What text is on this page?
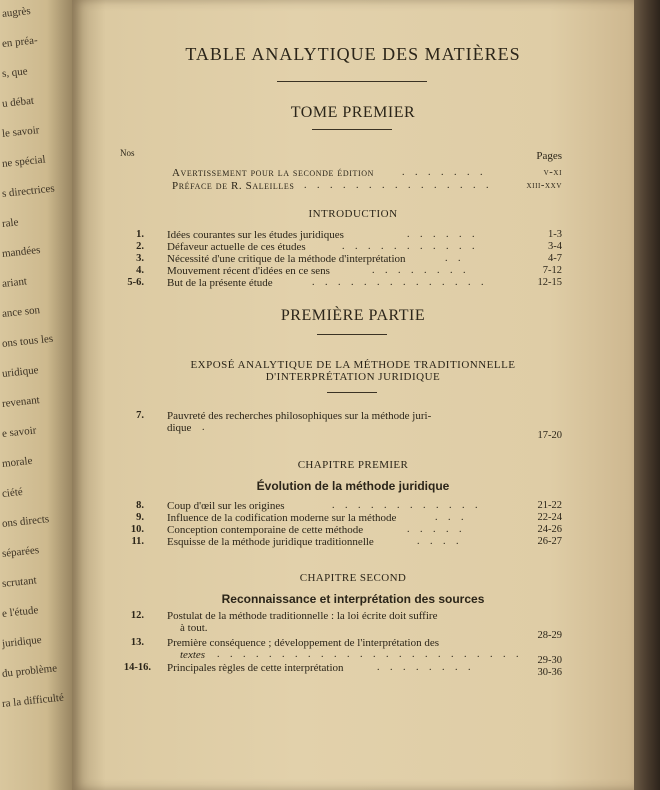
augrès
en préa-
s, que
u débat
le savoir
ne spécial
s directrices
rale
mandées
ariant
ance son
ons tous les
uridique
revenant
e savoir
morale
ciété
ons directs
séparées
scrutant
e l'étude
juridique
du problème
ra la difficulté
TABLE ANALYTIQUE DES MATIÈRES
TOME PREMIER
Nos	Pages
Avertissement pour la seconde édition	. . . . . . .	v-xi
Préface de R. Saleilles . . . . . . . . . . . . . . .	xiii-xxv
INTRODUCTION
1. Idées courantes sur les études juridiques	. . . . . .	1-3
2. Défaveur actuelle de ces études	. . . . . . . . . . .	3-4
3. Nécessité d'une critique de la méthode d'interprétation	. .	4-7
4. Mouvement récent d'idées en ce sens	. . . . . . . .	7-12
5-6. But de la présente étude	. . . . . . . . . . . . . .	12-15
PREMIÈRE PARTIE
EXPOSÉ ANALYTIQUE DE LA MÉTHODE TRADITIONNELLE
D'INTERPRÉTATION JURIDIQUE
7. Pauvreté des recherches philosophiques sur la méthode juri-
dique .
17-20
CHAPITRE PREMIER
Évolution de la méthode juridique
8. Coup d'œil sur les origines	. . . . . . . . . . . .	21-22
9. Influence de la codification moderne sur la méthode	. . .	22-24
10. Conception contemporaine de cette méthode	. . . . .	24-26
11. Esquisse de la méthode juridique traditionnelle	. . . .	26-27
CHAPITRE SECOND
Reconnaissance et interprétation des sources
12. Postulat de la méthode traditionnelle : la loi écrite doit suffire
à tout.
28-29
13. Première conséquence ; développement de l'interprétation des
textes . . . . . . . . . . . . . . . . . . . . . . . .
29-30
14-16. Principales règles de cette interprétation	. . . . . . . .	30-36
